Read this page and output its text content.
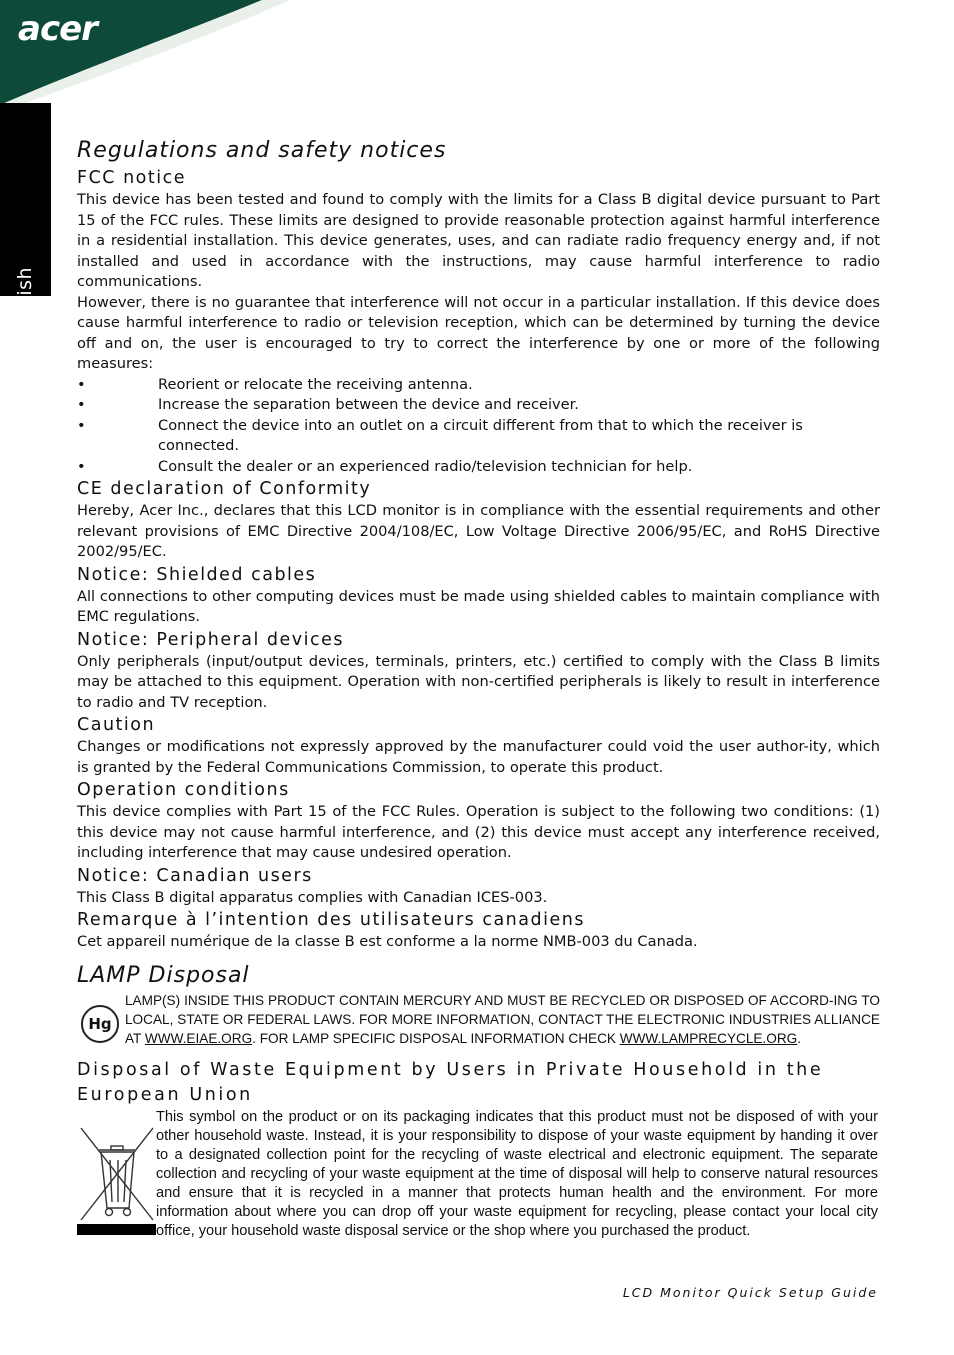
acer
English
Regulations and safety notices
FCC notice

This device has been tested and found to comply with the limits for a Class B digital device pursuant to Part 15 of the FCC rules. These limits are designed to provide reasonable protection against harmful interference in a residential installation. This device generates, uses, and can radiate radio frequency energy and, if not installed and used in accordance with the instructions, may cause harmful interference to radio communications.

However, there is no guarantee that interference will not occur in a particular installation. If this device does cause harmful interference to radio or television reception, which can be determined by turning the device off and on, the user is encouraged to try to correct the interference by one or more of the following measures:

•	Reorient or relocate the receiving antenna.
•	Increase the separation between the device and receiver.
•	Connect the device into an outlet on a circuit different from that to which the receiver is connected.
•	Consult the dealer or an experienced radio/television technician for help.
CE declaration of Conformity

Hereby, Acer Inc., declares that this LCD monitor is in compliance with the essential requirements and other relevant provisions of EMC Directive 2004/108/EC, Low Voltage Directive 2006/95/EC, and RoHS Directive 2002/95/EC.

Notice: Shielded cables

All connections to other computing devices must be made using shielded cables to maintain compliance with EMC regulations.

Notice: Peripheral devices

Only peripherals (input/output devices, terminals, printers, etc.) certified to comply with the Class B limits may be attached to this equipment. Operation with non-certified peripherals is likely to result in interference to radio and TV reception.

Caution

Changes or modifications not expressly approved by the manufacturer could void the user author-ity, which is granted by the Federal Communications Commission, to operate this product.

Operation conditions

This device complies with Part 15 of the FCC Rules. Operation is subject to the following two conditions: (1) this device may not cause harmful interference, and (2) this device must accept any interference received, including interference that may cause undesired operation.

Notice: Canadian users

This Class B digital apparatus complies with Canadian ICES-003.

Remarque à l’intention des utilisateurs canadiens

Cet appareil numérique de la classe B est conforme a la norme NMB-003 du Canada.

LAMP Disposal
Hg
LAMP(S) INSIDE THIS PRODUCT CONTAIN MERCURY AND MUST BE RECYCLED OR DISPOSED OF ACCORD-ING TO LOCAL, STATE OR FEDERAL LAWS. FOR MORE INFORMATION, CONTACT THE ELECTRONIC INDUSTRIES ALLIANCE AT WWW.EIAE.ORG. FOR LAMP SPECIFIC DISPOSAL INFORMATION CHECK WWW.LAMPRECYCLE.ORG.
Disposal of Waste Equipment by Users in Private Household in the European Union
This symbol on the product or on its packaging indicates that this product must not be disposed of with your other household waste. Instead, it is your responsibility to dispose of your waste equipment by handing it over to a designated collection point for the recycling of waste electrical and electronic equipment. The separate collection and recycling of your waste equipment at the time of disposal will help to conserve natural resources and ensure that it is recycled in a manner that protects human health and the environment. For more information about where you can drop off your waste equipment for recycling, please contact your local city office, your household waste disposal service or the shop where you purchased the product.
LCD Monitor Quick Setup Guide
